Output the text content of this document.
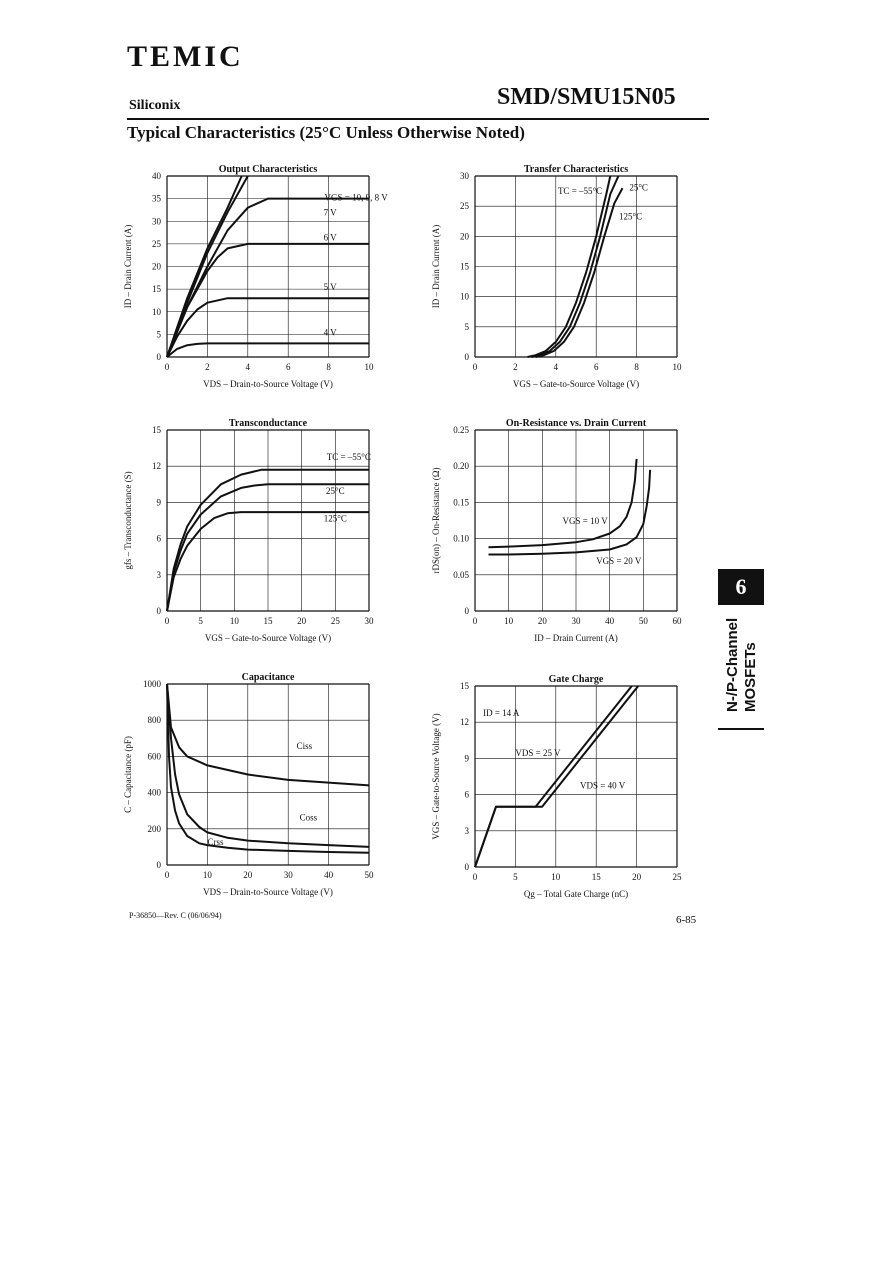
TEMIC
Siliconix	SMD/SMU15N05
Typical Characteristics (25°C Unless Otherwise Noted)
0	2	4	6	8	10
0
5
10
15
20
25
30
35
40
Output Characteristics
VDS – Drain-to-Source Voltage (V)
ID – Drain Current (A)
VGS = 10, 9, 8 V
7 V
6 V
5 V
4 V
0	2	4	6	8	10
0
5
10
15
20
25
30
Transfer Characteristics
VGS – Gate-to-Source Voltage (V)
ID – Drain Current (A)
TC = –55°C	25°C
125°C
0	5	10	15	20	25	30
0
3
6
9
12
15
Transconductance
VGS – Gate-to-Source Voltage (V)
gfs – Transconductance (S)
TC = –55°C
25°C
125°C
0	10	20	30	40	50	60
0
0.05
0.10
0.15
0.20
0.25
On-Resistance vs. Drain Current
ID – Drain Current (A)
rDS(on) – On-Resistance (Ω)	VGS = 10 V
VGS = 20 V
0	10	20	30	40	50
0
200
400
600
800
1000
Capacitance
VDS – Drain-to-Source Voltage (V)
C – Capacitance (pF)	Ciss
Coss
Crss
0	5	10	15	20	25
0
3
6
9
12
15
Gate Charge
Qg – Total Gate Charge (nC)
VGS – Gate-to-Source Voltage (V)	VDS = 25 V
VDS = 40 V
ID = 14 A
P-36850—Rev. C (06/06/94)	6-85
6
N-/P-Channel MOSFETs
